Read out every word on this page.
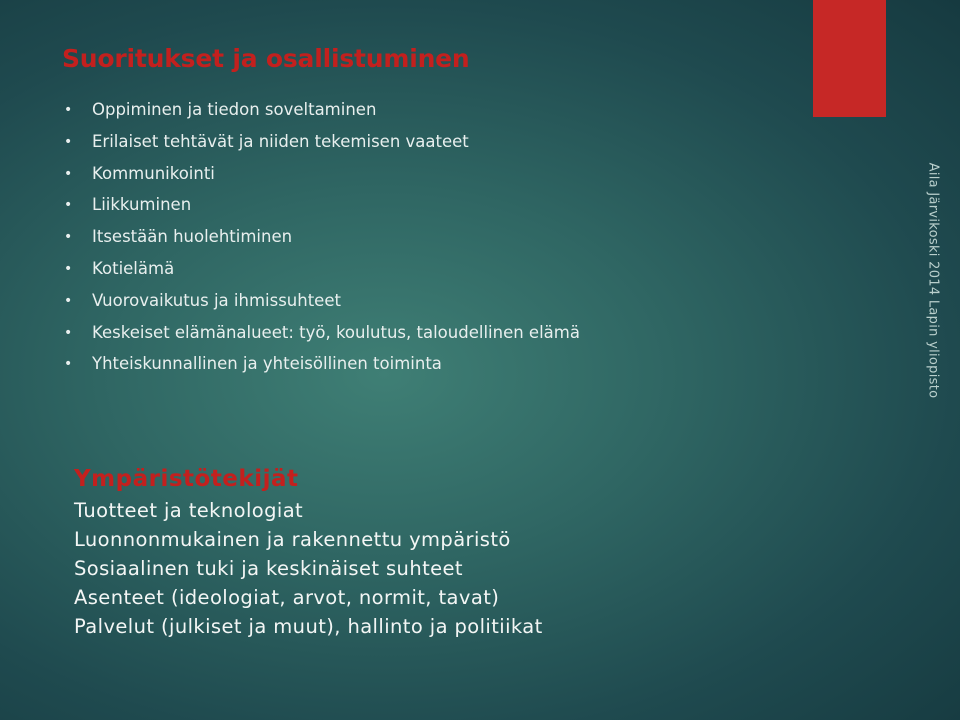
Suoritukset ja osallistuminen
• Oppiminen ja tiedon soveltaminen
• Erilaiset tehtävät ja niiden tekemisen vaateet
• Kommunikointi
• Liikkuminen
• Itsestään huolehtiminen
• Kotielämä
• Vuorovaikutus ja ihmissuhteet
• Keskeiset elämänalueet: työ, koulutus, taloudellinen elämä
• Yhteiskunnallinen ja yhteisöllinen toiminta
Ympäristötekijät
Tuotteet ja teknologiat
Luonnonmukainen ja rakennettu ympäristö
Sosiaalinen tuki ja keskinäiset suhteet
Asenteet (ideologiat, arvot, normit, tavat)
Palvelut (julkiset ja muut), hallinto ja politiikat
Aila Järvikoski 2014 Lapin yliopisto
